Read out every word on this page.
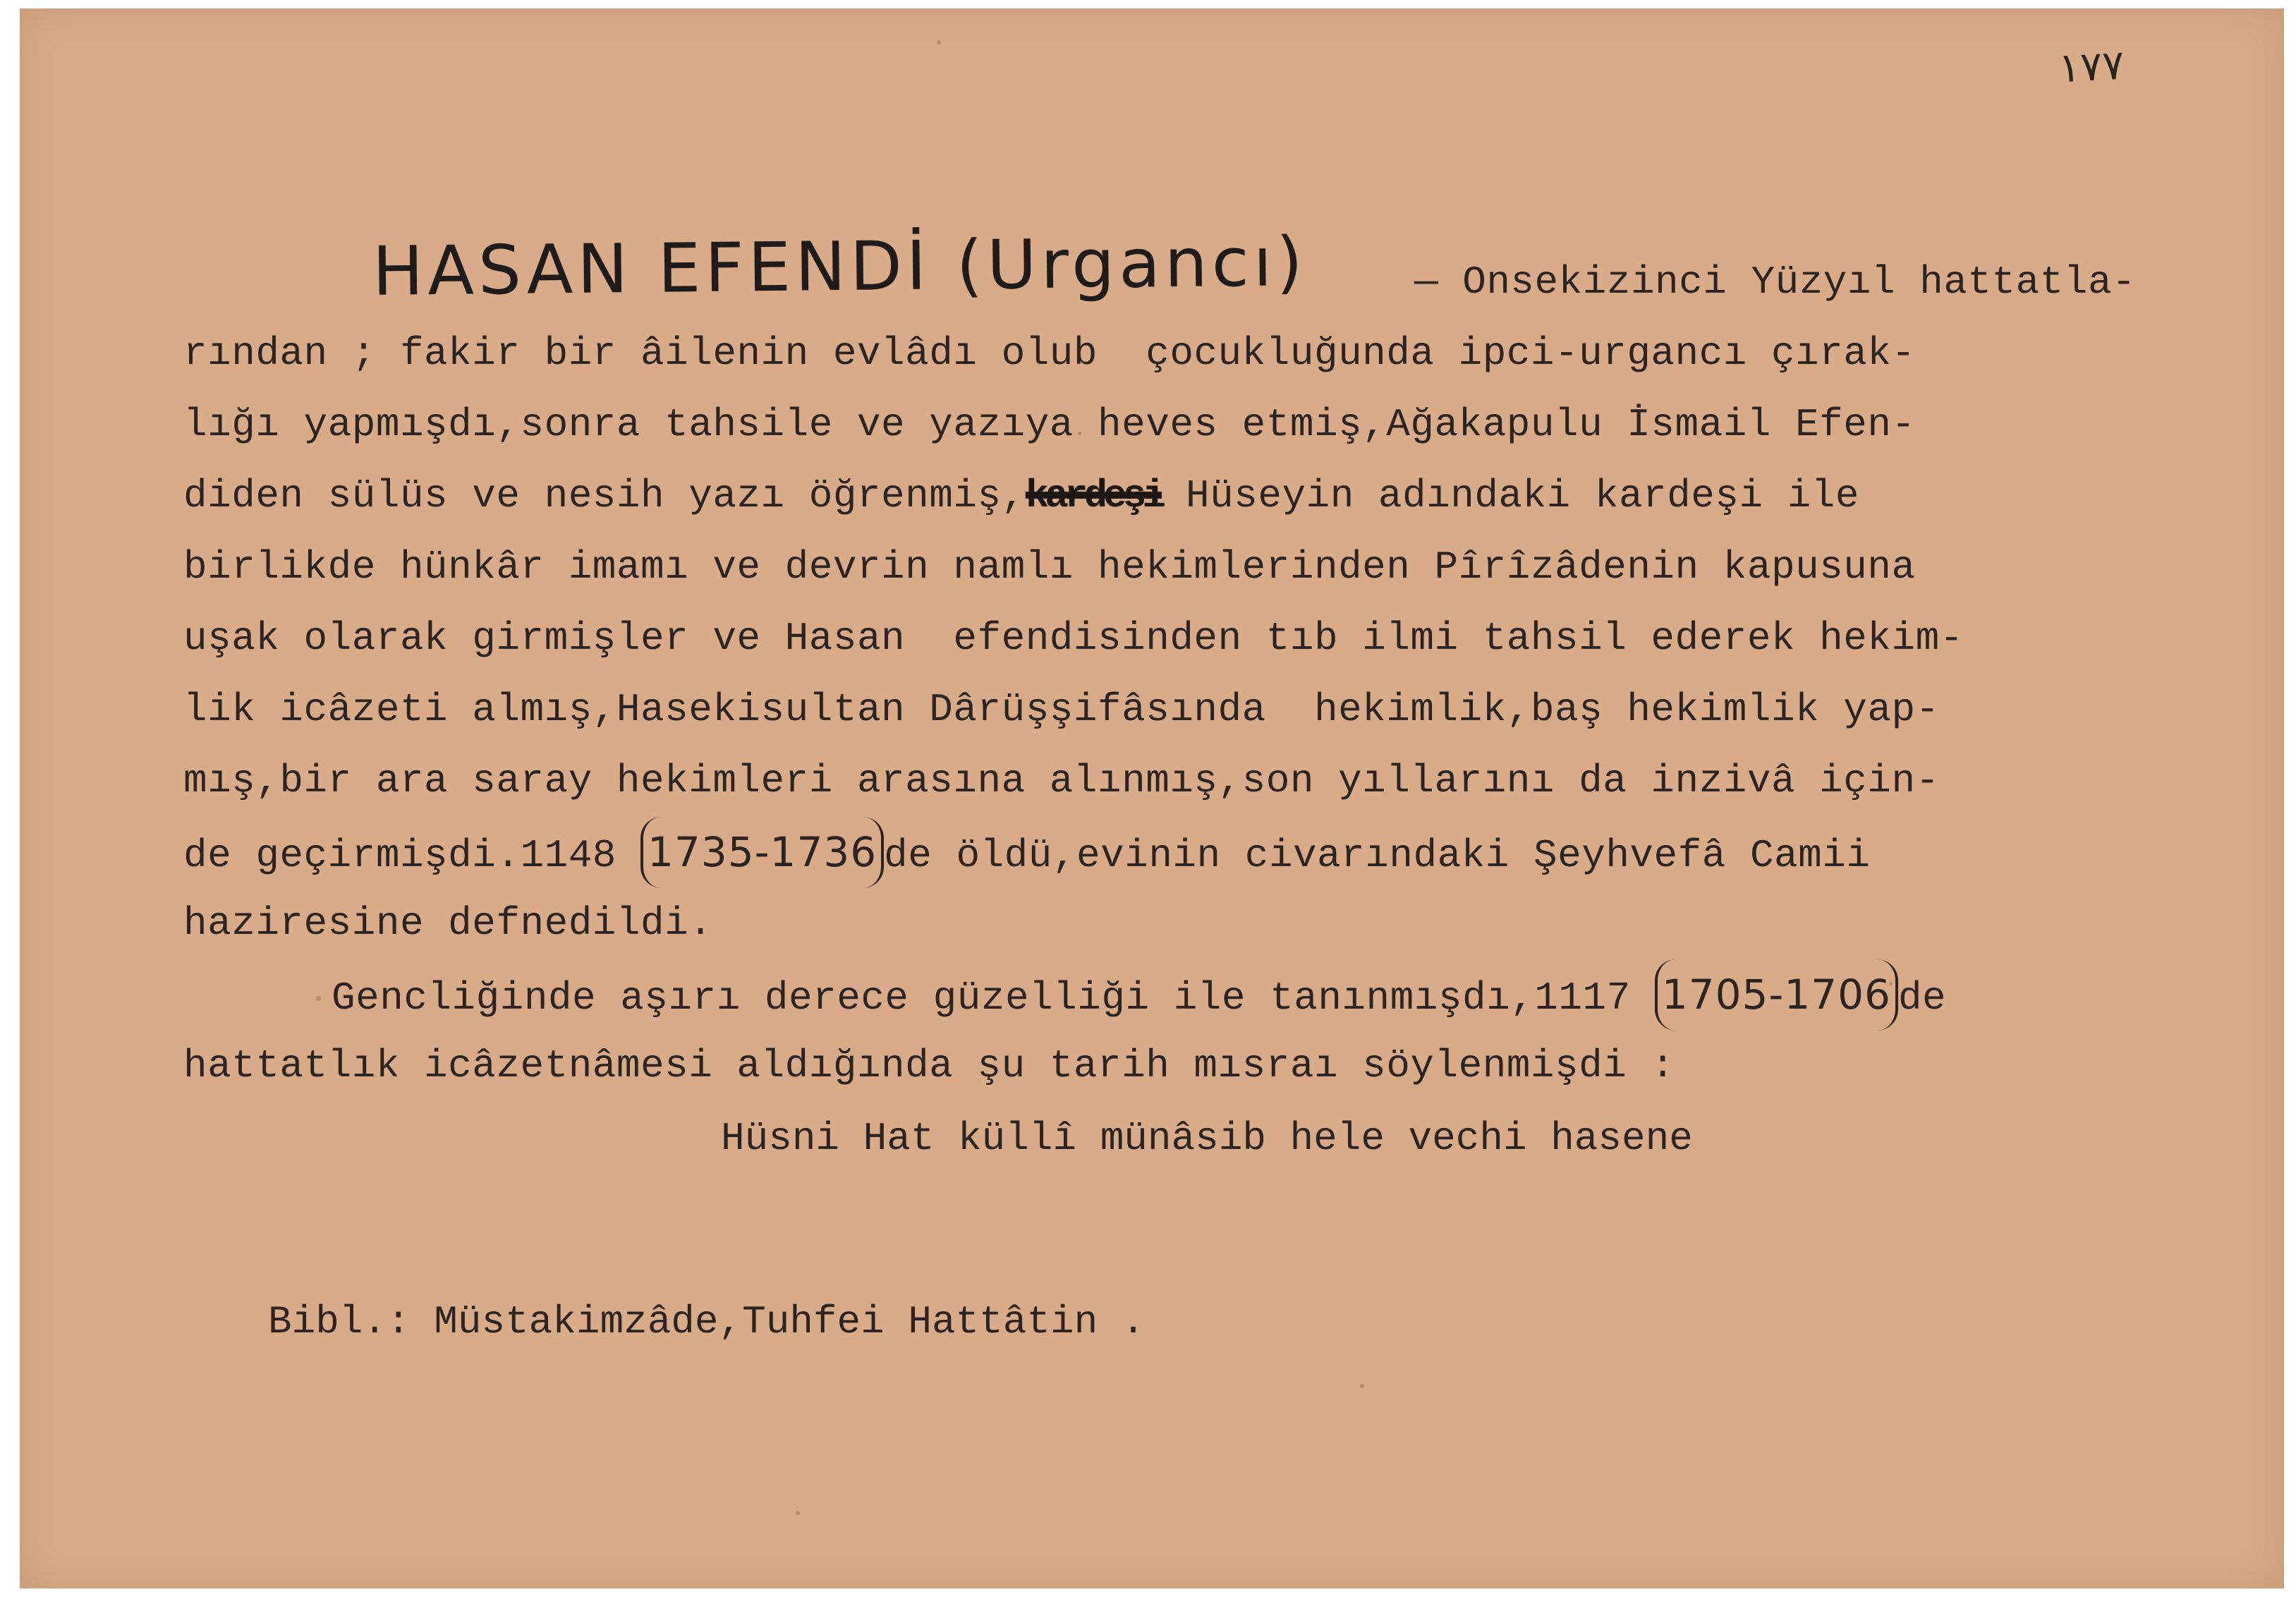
١٧٧
HASAN EFENDİ (Urgancı)	— Onsekizinci Yüzyıl hattatla-
rından ; fakir bir âilenin evlâdı olub  çocukluğunda ipci-urgancı çırak-
lığı yapmışdı,sonra tahsile ve yazıya heves etmiş,Ağakapulu İsmail Efen-
diden sülüs ve nesih yazı öğrenmiş,kardeşi Hüseyin adındaki kardeşi ile
birlikde hünkâr imamı ve devrin namlı hekimlerinden Pîrîzâdenin kapusuna
uşak olarak girmişler ve Hasan  efendisinden tıb ilmi tahsil ederek hekim-
lik icâzeti almış,Hasekisultan Dârüşşifâsında  hekimlik,baş hekimlik yap-
mış,bir ara saray hekimleri arasına alınmış,son yıllarını da inzivâ için-
de geçirmişdi.1148 1735-1736 de öldü,evinin civarındaki Şeyhvefâ Camii
haziresine defnedildi.
Gencliğinde aşırı derece güzelliği ile tanınmışdı,1117 1705-1706 de
hattatlık icâzetnâmesi aldığında şu tarih mısraı söylenmişdi :
Hüsni Hat küllî münâsib hele vechi hasene
Bibl.: Müstakimzâde,Tuhfei Hattâtin .
